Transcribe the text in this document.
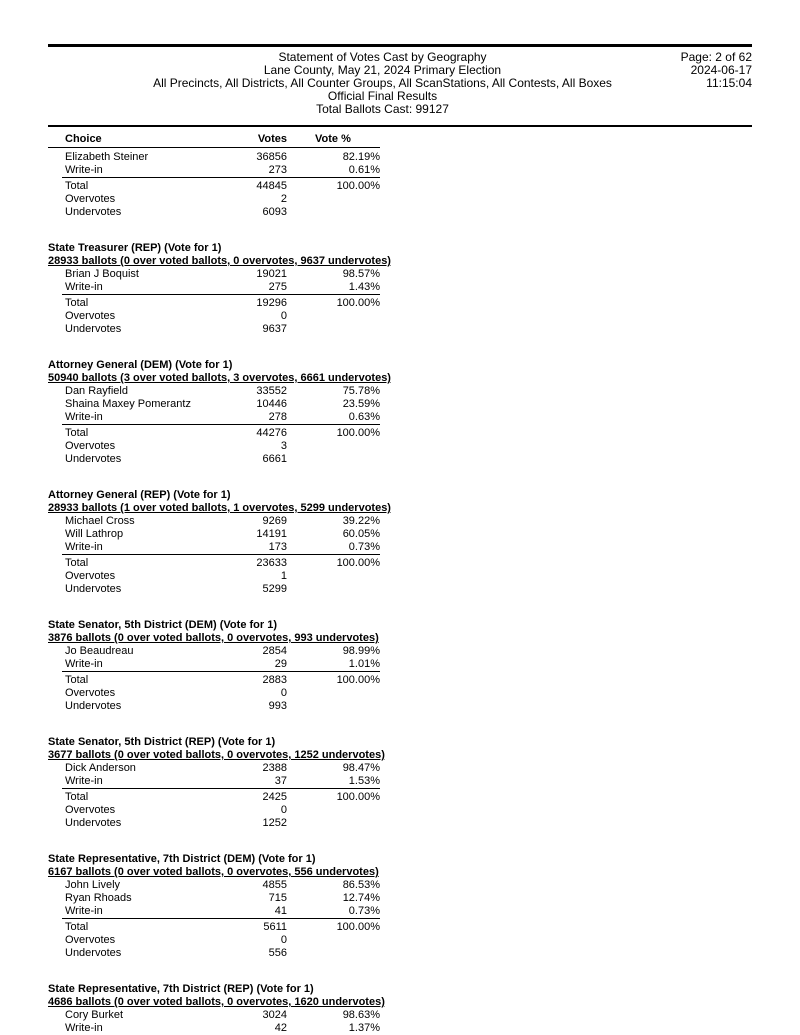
Statement of Votes Cast by Geography
Lane County, May 21, 2024 Primary Election
All Precincts, All Districts, All Counter Groups, All ScanStations, All Contests, All Boxes
Official Final Results
Total Ballots Cast: 99127
Page: 2 of 62
2024-06-17
11:15:04
Choice	Votes	Vote %
Elizabeth Steiner	36856	82.19%
Write-in	273	0.61%
Total	44845	100.00%
Overvotes	2
Undervotes	6093
State Treasurer (REP) (Vote for 1)
28933 ballots (0 over voted ballots, 0 overvotes, 9637 undervotes)
Brian J Boquist	19021	98.57%
Write-in	275	1.43%
Total	19296	100.00%
Overvotes	0
Undervotes	9637
Attorney General (DEM) (Vote for 1)
50940 ballots (3 over voted ballots, 3 overvotes, 6661 undervotes)
Dan Rayfield	33552	75.78%
Shaina Maxey Pomerantz	10446	23.59%
Write-in	278	0.63%
Total	44276	100.00%
Overvotes	3
Undervotes	6661
Attorney General (REP) (Vote for 1)
28933 ballots (1 over voted ballots, 1 overvotes, 5299 undervotes)
Michael Cross	9269	39.22%
Will Lathrop	14191	60.05%
Write-in	173	0.73%
Total	23633	100.00%
Overvotes	1
Undervotes	5299
State Senator, 5th District (DEM) (Vote for 1)
3876 ballots (0 over voted ballots, 0 overvotes, 993 undervotes)
Jo Beaudreau	2854	98.99%
Write-in	29	1.01%
Total	2883	100.00%
Overvotes	0
Undervotes	993
State Senator, 5th District (REP) (Vote for 1)
3677 ballots (0 over voted ballots, 0 overvotes, 1252 undervotes)
Dick Anderson	2388	98.47%
Write-in	37	1.53%
Total	2425	100.00%
Overvotes	0
Undervotes	1252
State Representative, 7th District (DEM) (Vote for 1)
6167 ballots (0 over voted ballots, 0 overvotes, 556 undervotes)
John Lively	4855	86.53%
Ryan Rhoads	715	12.74%
Write-in	41	0.73%
Total	5611	100.00%
Overvotes	0
Undervotes	556
State Representative, 7th District (REP) (Vote for 1)
4686 ballots (0 over voted ballots, 0 overvotes, 1620 undervotes)
Cory Burket	3024	98.63%
Write-in	42	1.37%
